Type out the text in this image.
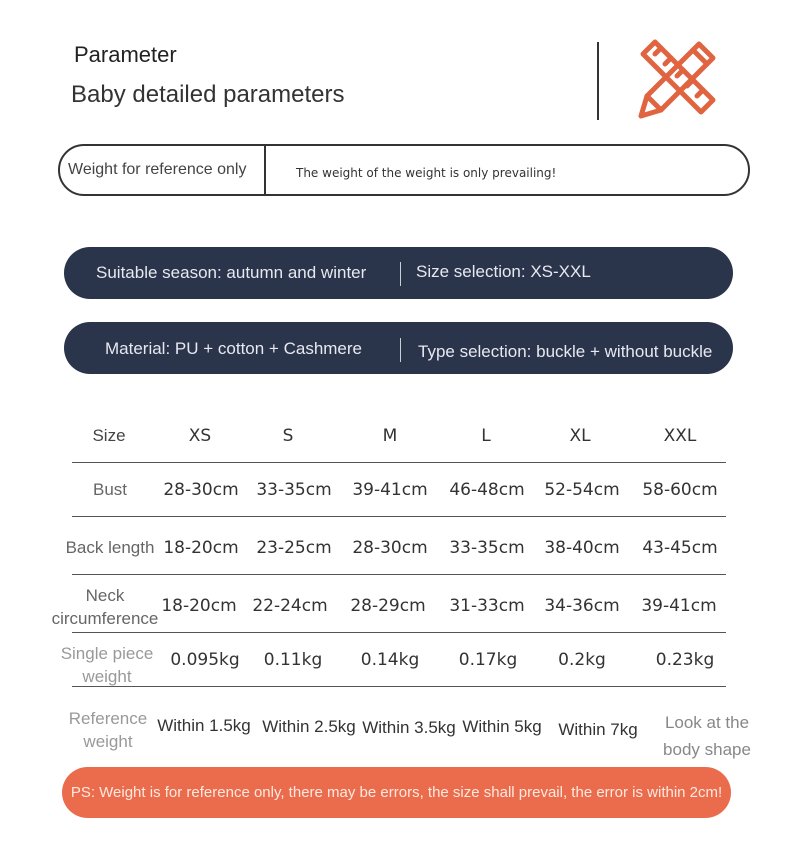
Parameter
Baby detailed parameters
Weight for reference only	The weight of the weight is only prevailing!
Suitable season: autumn and winter	Size selection: XS-XXL
Material: PU + cotton + Cashmere	Type selection: buckle + without buckle
Size	XS	S	M	L	XL	XXL
Bust	28-30cm	33-35cm	39-41cm	46-48cm	52-54cm	58-60cm
Back length 18-20cm	23-25cm	28-30cm	33-35cm	38-40cm	43-45cm
Neck
circumference
18-20cm 22-24cm	28-29cm	31-33cm	34-36cm	39-41cm
Single piece
weight
0.095kg	0.11kg	0.14kg	0.17kg	0.2kg	0.23kg
Reference
weight
Within 1.5kg Within 2.5kg Within 3.5kg Within 5kg Within 7kg	Look at the
body shape
PS: Weight is for reference only, there may be errors, the size shall prevail, the error is within 2cm!
